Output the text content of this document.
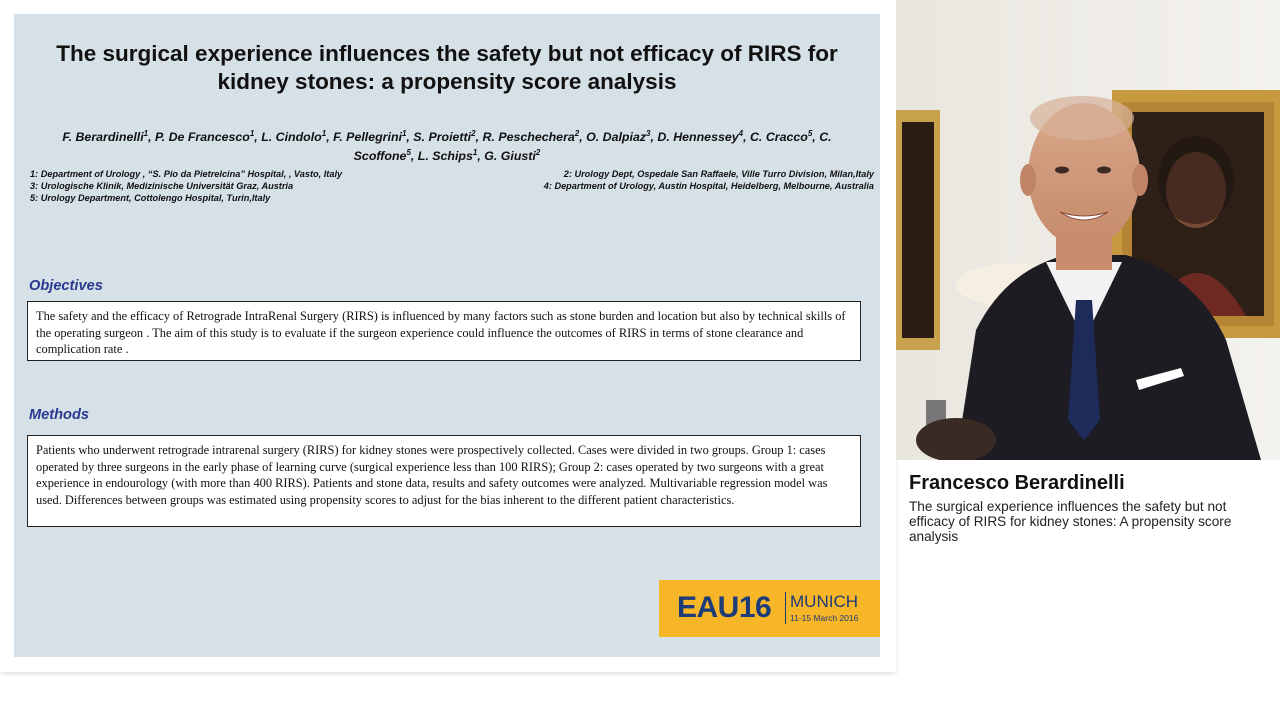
The surgical experience influences the safety but not efficacy of RIRS for kidney stones: a propensity score analysis

F. Berardinelli$^1$, P. De Francesco$^1$, L. Cindolo$^1$, F. Pellegrini$^1$, S. Proietti$^2$, R. Peschechera$^2$, O. Dalpiaz$^3$, D. Hennessey$^4$, C. Cracco$^5$, C. Scoffone$^5$, L. Schips$^1$, G. Giusti$^2$

1: Department of Urology , “S. Pio da Pietrelcina” Hospital, , Vasto, Italy
3: Urologische Klinik, Medizinische Universität Graz, Austria
5: Urology Department, Cottolengo Hospital, Turin,Italy
2: Urology Dept, Ospedale San Raffaele, Ville Turro Division, Milan,Italy
4: Department of Urology, Austin Hospital, Heidelberg, Melbourne, Australia
Objectives
The safety and the efficacy of Retrograde IntraRenal Surgery (RIRS) is influenced by many factors such as stone burden and location but also by technical skills of the operating surgeon . The aim of this study is to evaluate if the surgeon experience could influence the outcomes of RIRS in terms of stone clearance and complication rate .
Methods
Patients who underwent retrograde intrarenal surgery (RIRS) for kidney stones were prospectively collected. Cases were divided in two groups. Group 1: cases operated by three surgeons in the early phase of learning curve (surgical experience less than 100 RIRS); Group 2: cases operated by two surgeons with a great experience in endourology (with more than 400 RIRS). Patients and stone data, results and safety outcomes were analyzed. Multivariable regression model was used. Differences between groups was estimated using propensity scores to adjust for the bias inherent to the different patient characteristics.
EAU16 MUNICH
11-15 March 2016
Francesco Berardinelli

The surgical experience influences the safety but not efficacy of RIRS for kidney stones: A propensity score analysis
